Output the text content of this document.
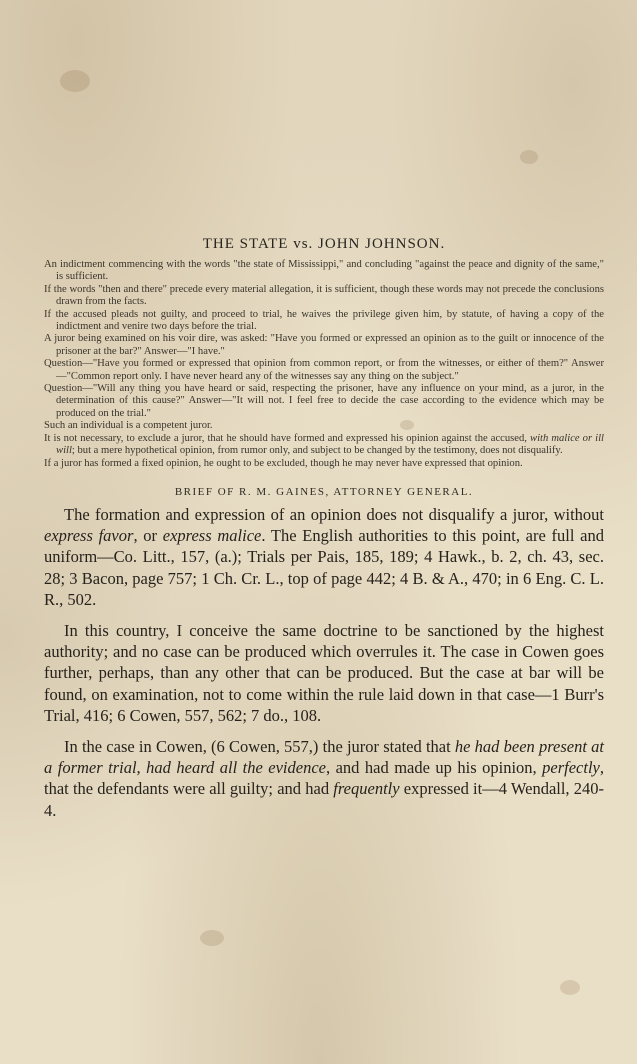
THE STATE vs. JOHN JOHNSON.

An indictment commencing with the words "the state of Mississippi," and concluding "against the peace and dignity of the same," is sufficient.

If the words "then and there" precede every material allegation, it is sufficient, though these words may not precede the conclusions drawn from the facts.

If the accused pleads not guilty, and proceed to trial, he waives the privilege given him, by statute, of having a copy of the indictment and venire two days before the trial.

A juror being examined on his voir dire, was asked: "Have you formed or expressed an opinion as to the guilt or innocence of the prisoner at the bar?" Answer—"I have."

Question—"Have you formed or expressed that opinion from common report, or from the witnesses, or either of them?" Answer—"Common report only. I have never heard any of the witnesses say any thing on the subject."

Question—"Will any thing you have heard or said, respecting the prisoner, have any influence on your mind, as a juror, in the determination of this cause?" Answer—"It will not. I feel free to decide the case according to the evidence which may be produced on the trial."

Such an individual is a competent juror.

It is not necessary, to exclude a juror, that he should have formed and expressed his opinion against the accused, with malice or ill will; but a mere hypothetical opinion, from rumor only, and subject to be changed by the testimony, does not disqualify.

If a juror has formed a fixed opinion, he ought to be excluded, though he may never have expressed that opinion.

BRIEF OF R. M. GAINES, ATTORNEY GENERAL.

The formation and expression of an opinion does not disqualify a juror, without express favor, or express malice. The English authorities to this point, are full and uniform—Co. Litt., 157, (a.); Trials per Pais, 185, 189; 4 Hawk., b. 2, ch. 43, sec. 28; 3 Bacon, page 757; 1 Ch. Cr. L., top of page 442; 4 B. & A., 470; in 6 Eng. C. L. R., 502.

In this country, I conceive the same doctrine to be sanctioned by the highest authority; and no case can be produced which overrules it. The case in Cowen goes further, perhaps, than any other that can be produced. But the case at bar will be found, on examination, not to come within the rule laid down in that case—1 Burr's Trial, 416; 6 Cowen, 557, 562; 7 do., 108.

In the case in Cowen, (6 Cowen, 557,) the juror stated that he had been present at a former trial, had heard all the evidence, and had made up his opinion, perfectly, that the defendants were all guilty; and had frequently expressed it—4 Wendall, 240-4.
